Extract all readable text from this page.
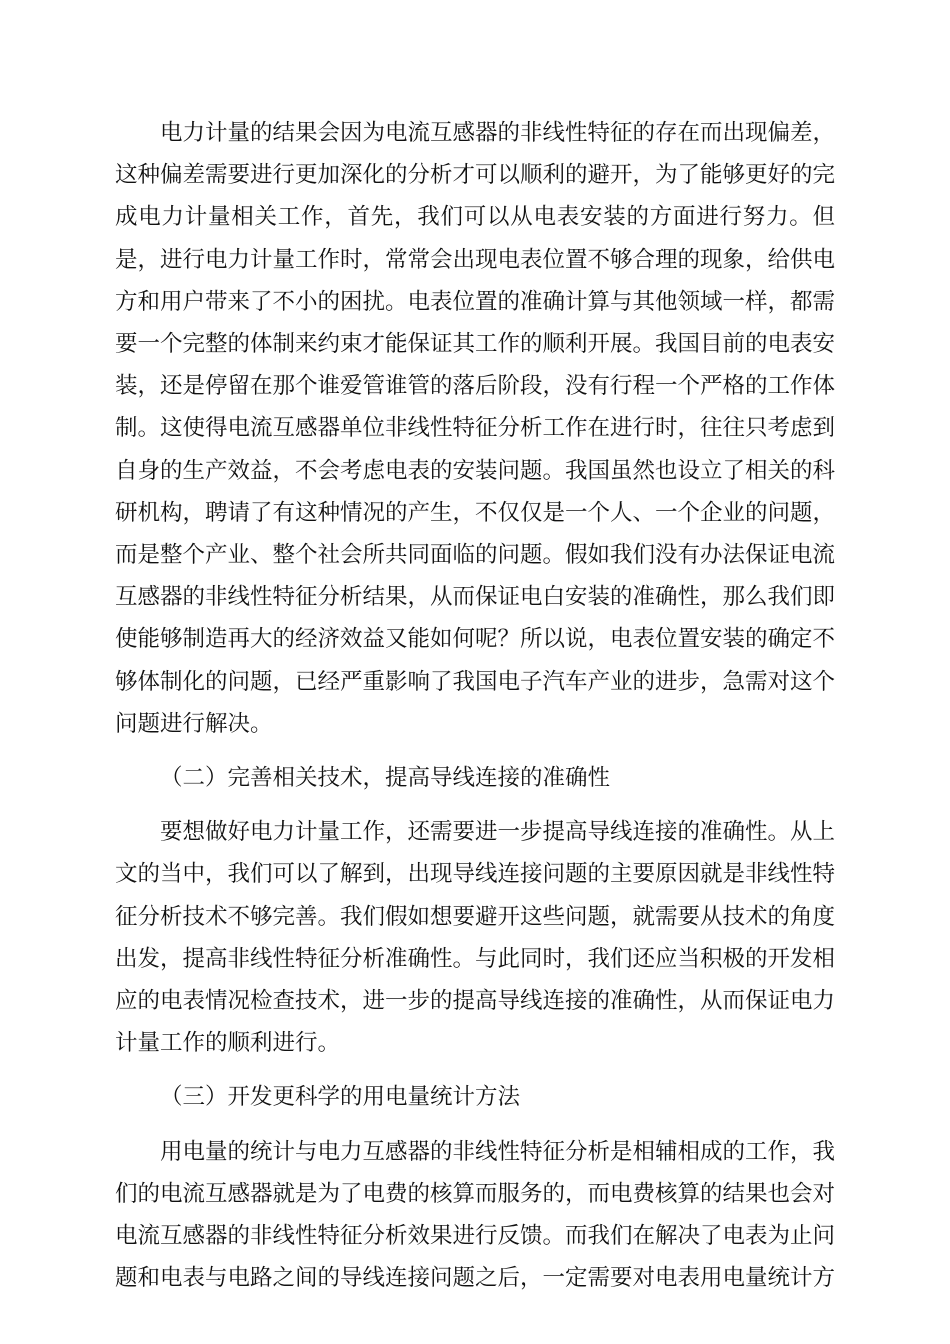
电力计量的结果会因为电流互感器的非线性特征的存在而出现偏差，这种偏差需要进行更加深化的分析才可以顺利的避开，为了能够更好的完成电力计量相关工作，首先，我们可以从电表安装的方面进行努力。但是，进行电力计量工作时，常常会出现电表位置不够合理的现象，给供电方和用户带来了不小的困扰。电表位置的准确计算与其他领域一样，都需要一个完整的体制来约束才能保证其工作的顺利开展。我国目前的电表安装，还是停留在那个谁爱管谁管的落后阶段，没有行程一个严格的工作体制。这使得电流互感器单位非线性特征分析工作在进行时，往往只考虑到自身的生产效益，不会考虑电表的安装问题。我国虽然也设立了相关的科研机构，聘请了有这种情况的产生，不仅仅是一个人、一个企业的问题，而是整个产业、整个社会所共同面临的问题。假如我们没有办法保证电流互感器的非线性特征分析结果，从而保证电白安装的准确性，那么我们即使能够制造再大的经济效益又能如何呢？所以说，电表位置安装的确定不够体制化的问题，已经严重影响了我国电子汽车产业的进步，急需对这个问题进行解决。

（二）完善相关技术，提高导线连接的准确性

要想做好电力计量工作，还需要进一步提高导线连接的准确性。从上文的当中，我们可以了解到，出现导线连接问题的主要原因就是非线性特征分析技术不够完善。我们假如想要避开这些问题，就需要从技术的角度出发，提高非线性特征分析准确性。与此同时，我们还应当积极的开发相应的电表情况检查技术，进一步的提高导线连接的准确性，从而保证电力计量工作的顺利进行。

（三）开发更科学的用电量统计方法

用电量的统计与电力互感器的非线性特征分析是相辅相成的工作，我们的电流互感器就是为了电费的核算而服务的，而电费核算的结果也会对电流互感器的非线性特征分析效果进行反馈。而我们在解决了电表为止问题和电表与电路之间的导线连接问题之后，一定需要对电表用电量统计方
